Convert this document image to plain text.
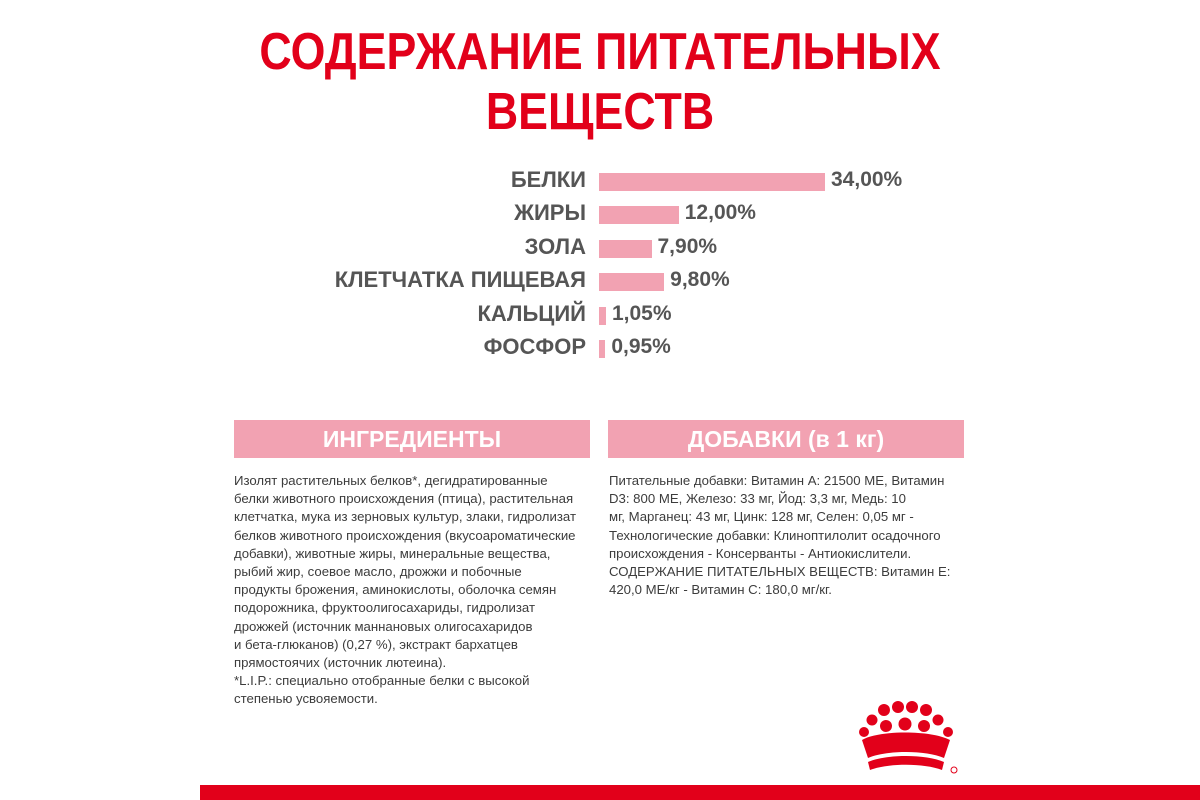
СОДЕРЖАНИЕ ПИТАТЕЛЬНЫХ
ВЕЩЕСТВ
БЕЛКИ	34,00%
ЖИРЫ	12,00%
ЗОЛА	7,90%
КЛЕТЧАТКА ПИЩЕВАЯ	9,80%
КАЛЬЦИЙ 1,05%
ФОСФОР 0,95%
ИНГРЕДИЕНТЫ	ДОБАВКИ (в 1 кг)
Изолят растительных белков*, дегидратированные
белки животного происхождения (птица), растительная
клетчатка, мука из зерновых культур, злаки, гидролизат
белков животного происхождения (вкусоароматические
добавки), животные жиры, минеральные вещества,
рыбий жир, соевое масло, дрожжи и побочные
продукты брожения, аминокислоты, оболочка семян
подорожника, фруктоолигосахариды, гидролизат
дрожжей (источник маннановых олигосахаридов
и бета-глюканов) (0,27 %), экстракт бархатцев
прямостоячих (источник лютеина).
*L.I.P.: специально отобранные белки с высокой
степенью усвояемости.
Питательные добавки: Витамин A: 21500 МЕ, Витамин
D3: 800 МЕ, Железо: 33 мг, Йод: 3,3 мг, Медь: 10
мг, Марганец: 43 мг, Цинк: 128 мг, Селен: 0,05 мг -
Технологические добавки: Клиноптилолит осадочного
происхождения - Консерванты - Антиокислители.
СОДЕРЖАНИЕ ПИТАТЕЛЬНЫХ ВЕЩЕСТВ: Витамин E:
420,0 МЕ/кг - Витамин C: 180,0 мг/кг.
